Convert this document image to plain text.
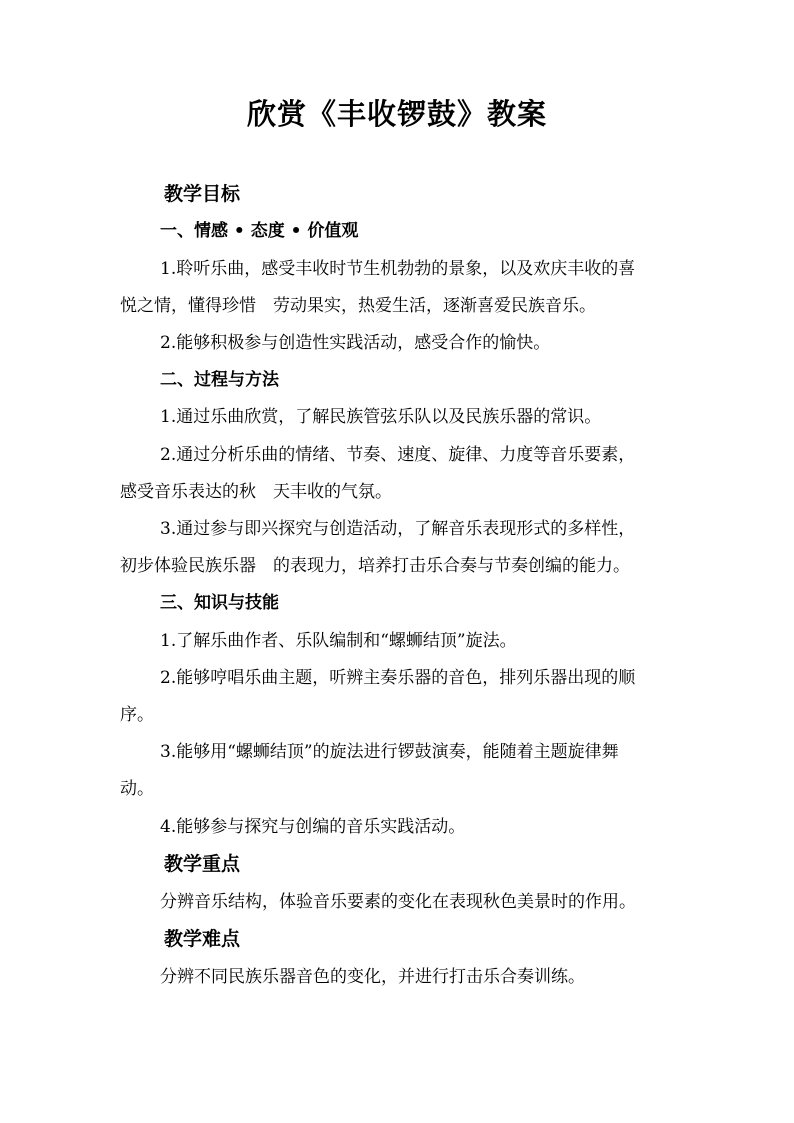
欣赏《丰收锣鼓》教案

教学目标

一、情感 • 态度 • 价值观

1.聆听乐曲，感受丰收时节生机勃勃的景象，以及欢庆丰收的喜

悦之情，懂得珍惜　劳动果实，热爱生活，逐渐喜爱民族音乐。

2.能够积极参与创造性实践活动，感受合作的愉快。

二、过程与方法

1.通过乐曲欣赏，了解民族管弦乐队以及民族乐器的常识。

2.通过分析乐曲的情绪、节奏、速度、旋律、力度等音乐要素，

感受音乐表达的秋　天丰收的气氛。

3.通过参与即兴探究与创造活动，了解音乐表现形式的多样性，

初步体验民族乐器　的表现力，培养打击乐合奏与节奏创编的能力。

三、知识与技能

1.了解乐曲作者、乐队编制和“螺蛳结顶”旋法。

2.能够哼唱乐曲主题，听辨主奏乐器的音色，排列乐器出现的顺

序。

3.能够用“螺蛳结顶”的旋法进行锣鼓演奏，能随着主题旋律舞

动。

4.能够参与探究与创编的音乐实践活动。

教学重点

分辨音乐结构，体验音乐要素的变化在表现秋色美景时的作用。

教学难点

分辨不同民族乐器音色的变化，并进行打击乐合奏训练。
